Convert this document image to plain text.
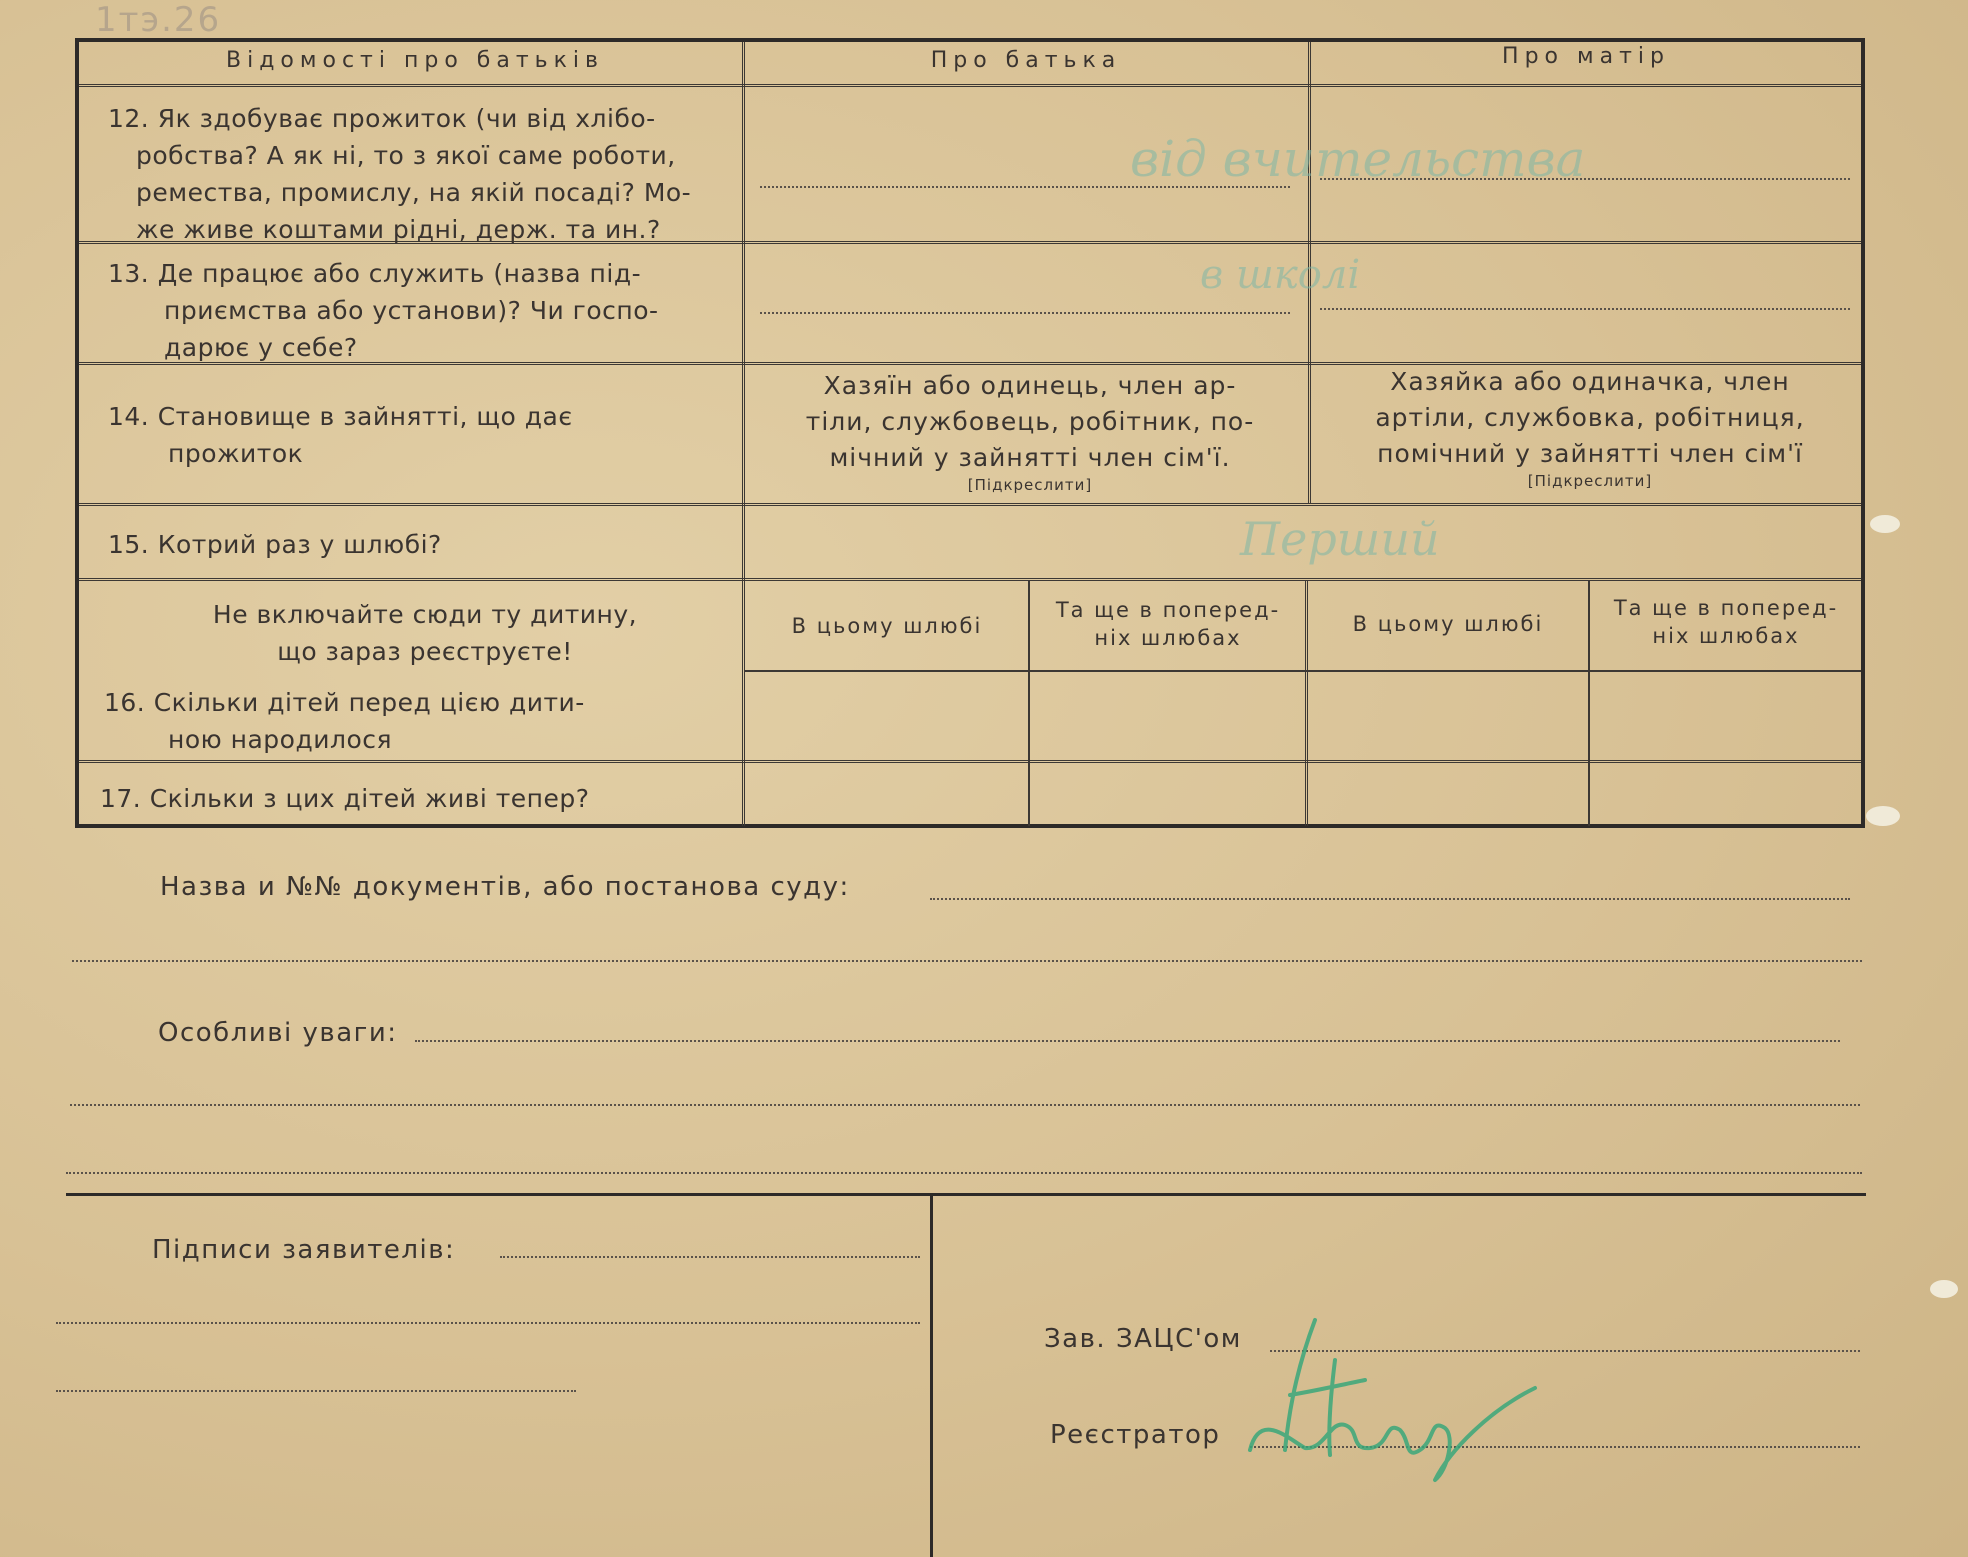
1тэ.26
Відомості про батьків	Про батька	Про матір
12. Як здобуває прожиток (чи від хлібо-
робства? А як ні, то з якої саме роботи,
ремества, промислу, на якій посаді? Мо-
же живе коштами рідні, держ. та ин.?
13. Де працює або служить (назва під-
приємства або установи)? Чи госпо-
дарює у себе?
14. Становище в зайнятті, що дає
прожиток
Хазяїн або одинець, член ар-
тіли, службовець, робітник, по-
мічний у зайнятті член сім'ї.
[Підкреслити]
Хазяйка або одиначка, член
артіли, службовка, робітниця,
помічний у зайнятті член сім'ї
[Підкреслити]
15. Котрий раз у шлюбі?
Не включайте сюди ту дитину,
що зараз реєструєте!
В цьому шлюбі
Та ще в поперед-
ніх шлюбах
В цьому шлюбі
Та ще в поперед-
ніх шлюбах
16. Скільки дітей перед цією дити-
ною народилося
17. Скільки з цих дітей живі тепер?
від вчительства
в школі
Перший
Назва и №№ документів, або постанова суду:
Особливі уваги:
Підписи заявителів:
Зав. ЗАЦС'ом
Реєстратор
